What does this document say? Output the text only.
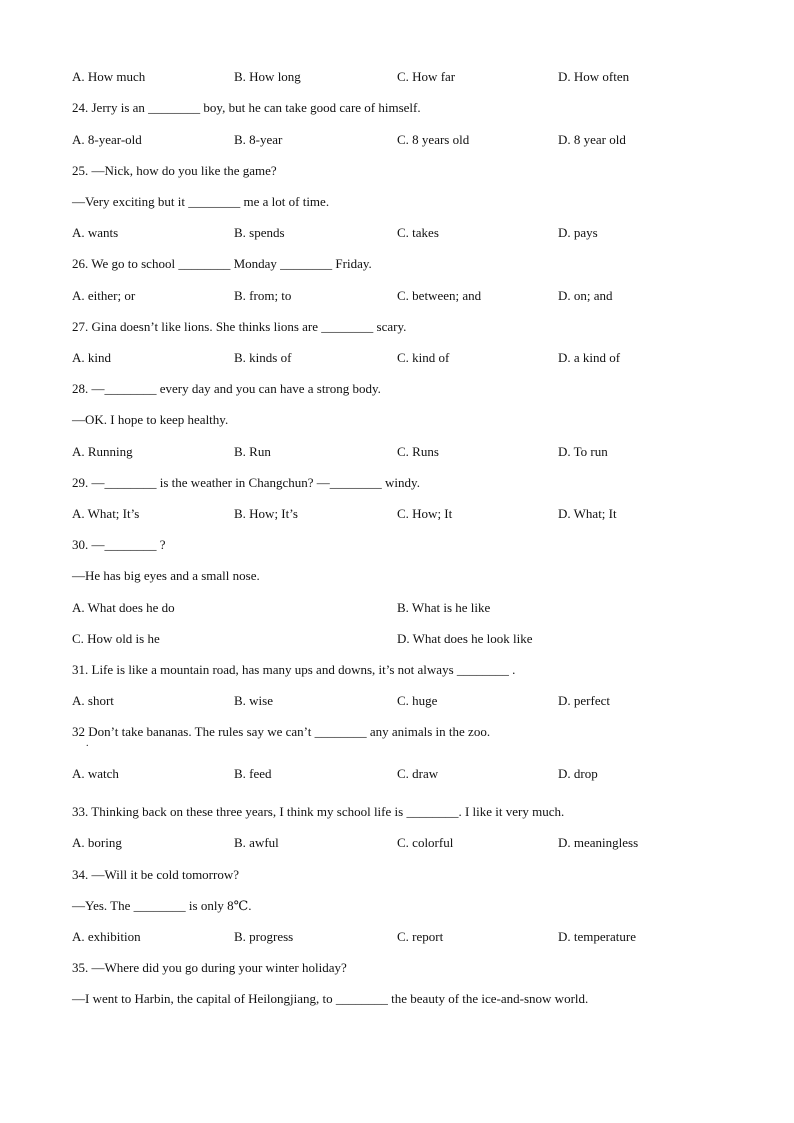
A. How much	B. How long	C. How far	D. How often
24. Jerry is an ________ boy, but he can take good care of himself.
A. 8-year-old	B. 8-year	C. 8 years old	D. 8 year old
25. —Nick, how do you like the game?
—Very exciting but it ________ me a lot of time.
A. wants	B. spends	C. takes	D. pays
26. We go to school ________ Monday ________ Friday.
A. either; or	B. from; to	C. between; and	D. on; and
27. Gina doesn’t like lions. She thinks lions are ________ scary.
A. kind	B. kinds of	C. kind of	D. a kind of
28. —________ every day and you can have a strong body.
—OK. I hope to keep healthy.
A. Running	B. Run	C. Runs	D. To run
29. —________ is the weather in Changchun? —________ windy.
A. What; It’s	B. How; It’s	C. How; It	D. What; It
30. —________ ?
—He has big eyes and a small nose.
A. What does he do	B. What is he like
C. How old is he	D. What does he look like
31. Life is like a mountain road, has many ups and downs, it’s not always ________ .
A. short	B. wise	C. huge	D. perfect
32 Don’t take bananas. The rules say we can’t ________ any animals in the zoo.
A. watch	B. feed	C. draw	D. drop
33. Thinking back on these three years, I think my school life is ________. I like it very much.
A. boring	B. awful	C. colorful	D. meaningless
34. —Will it be cold tomorrow?
—Yes. The ________ is only 8℃.
A. exhibition	B. progress	C. report	D. temperature
35. —Where did you go during your winter holiday?
—I went to Harbin, the capital of Heilongjiang, to ________ the beauty of the ice-and-snow world.
.
